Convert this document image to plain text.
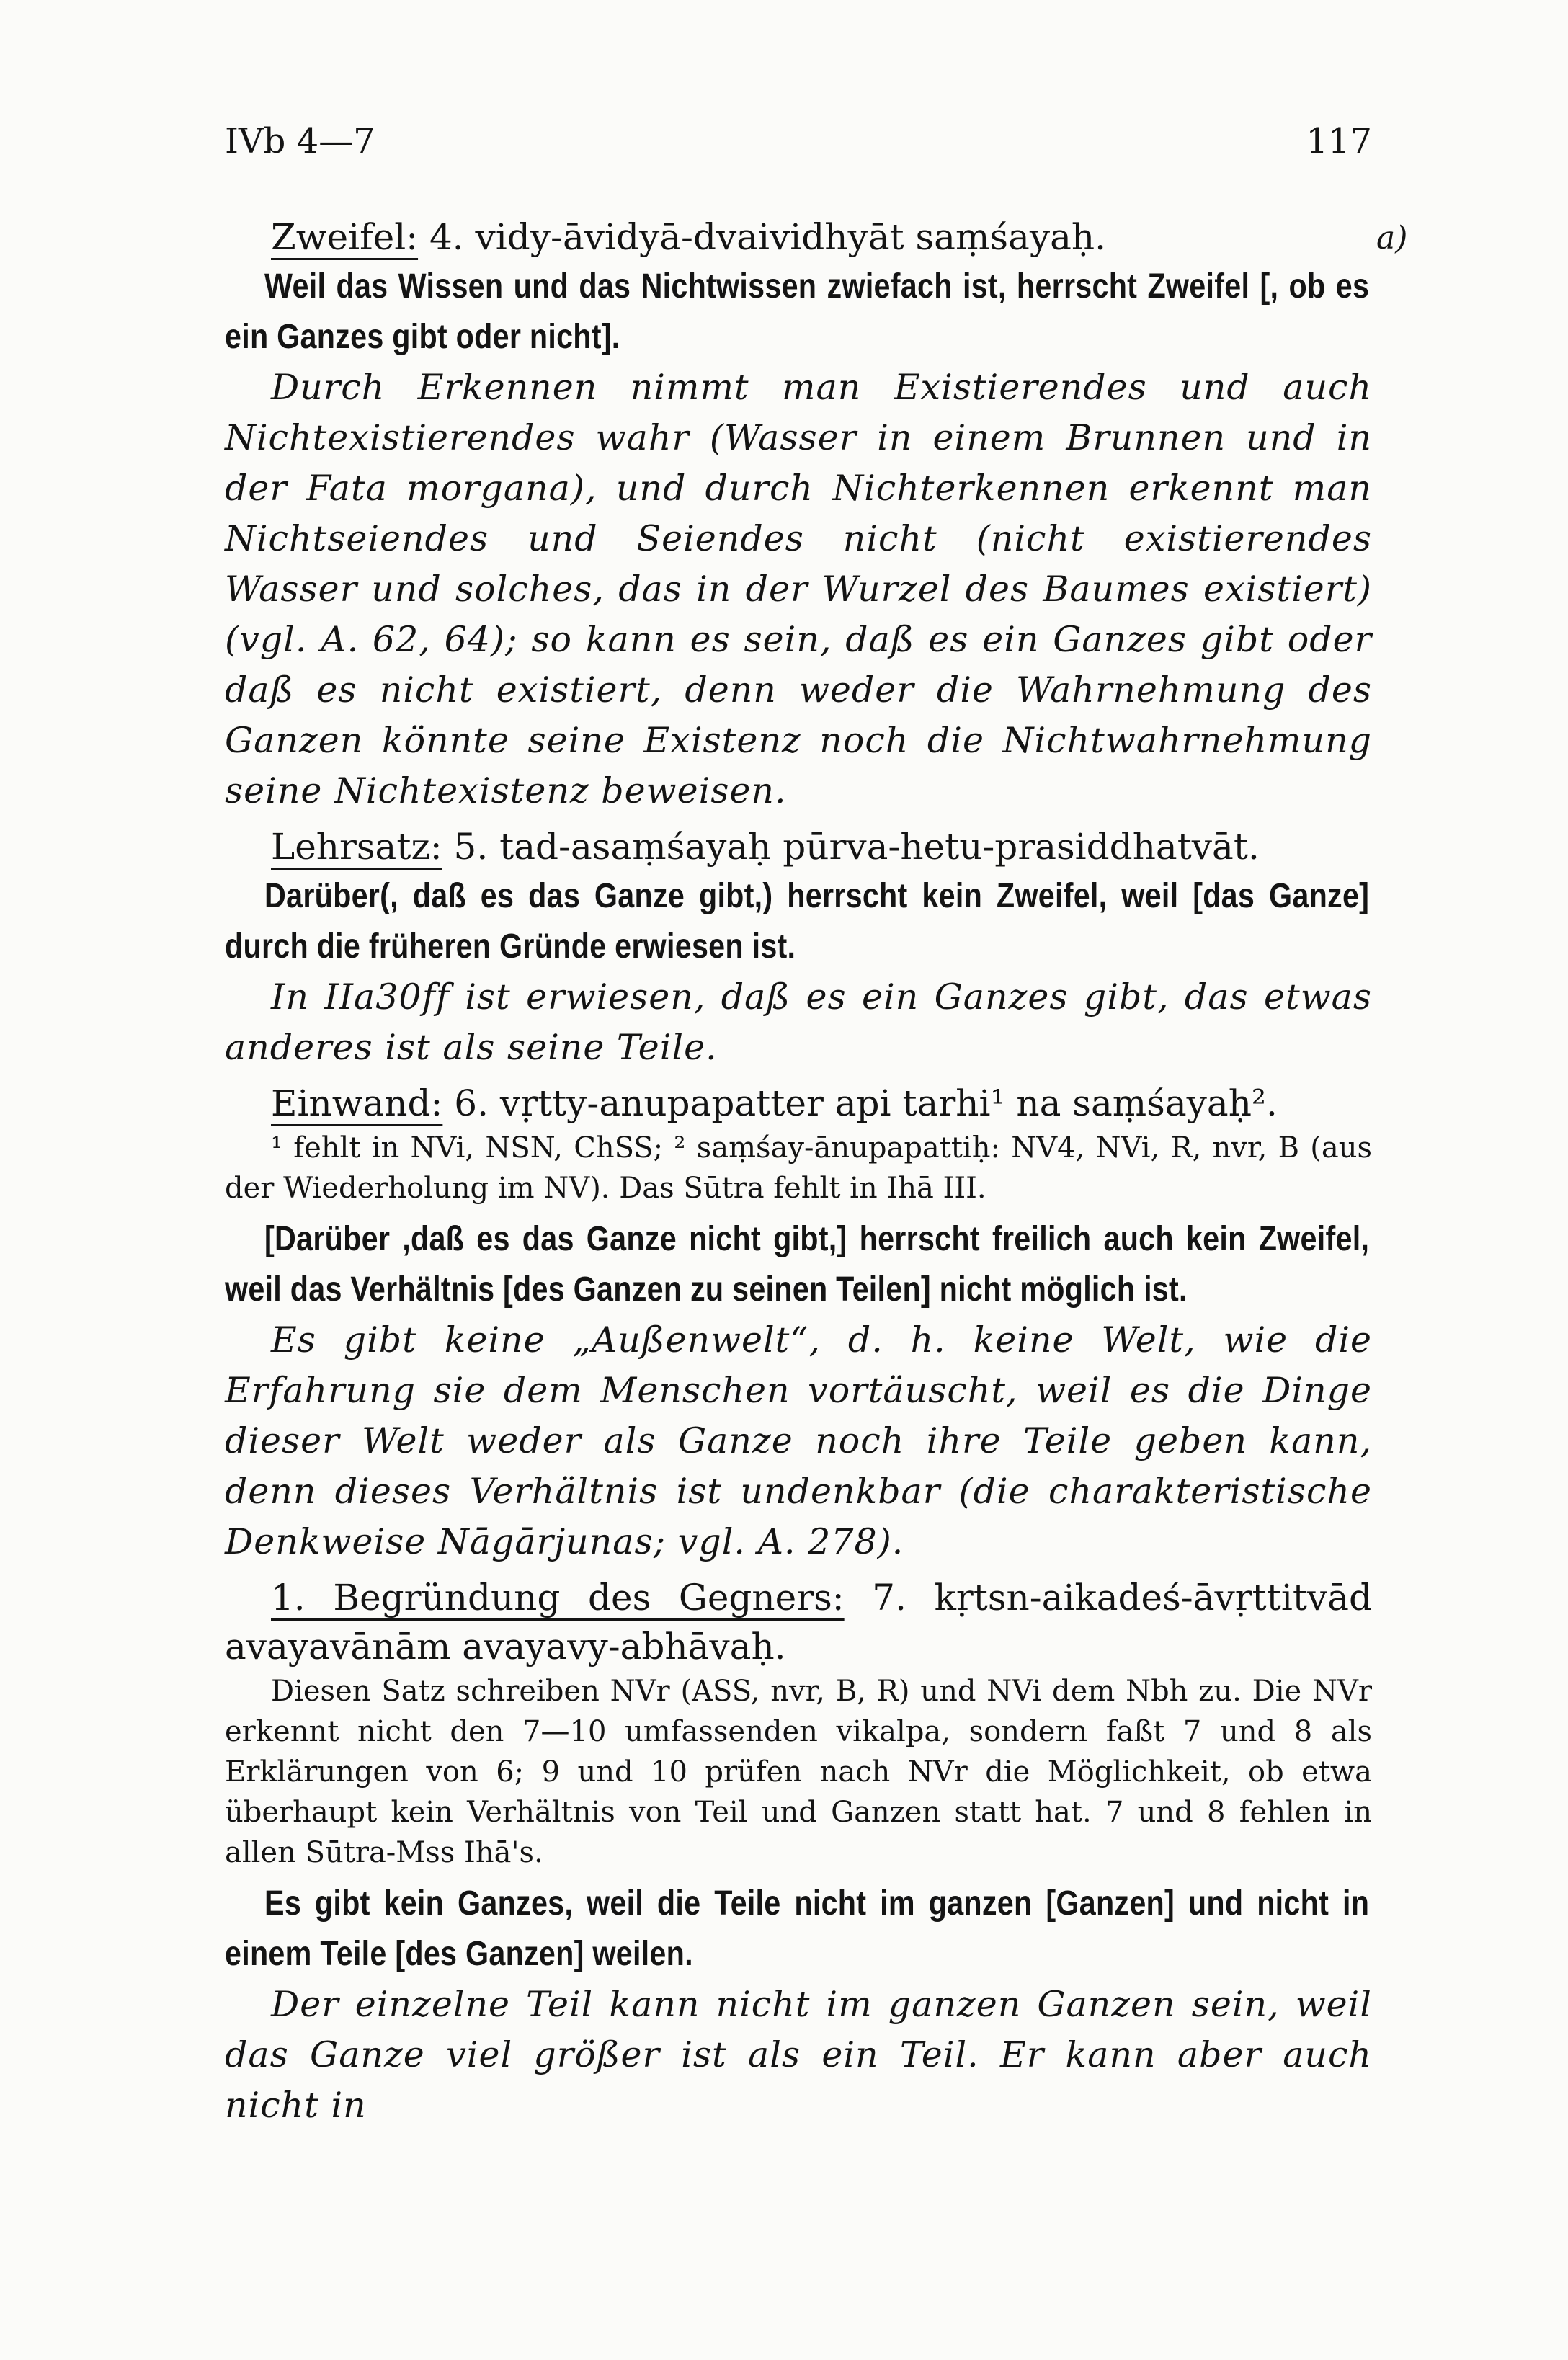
IVb 4—7	117
a)

Zweifel: 4. vidy-āvidyā-dvaividhyāt saṃśayaḥ.

Weil das Wissen und das Nichtwissen zwiefach ist, herrscht Zweifel [, ob es ein Ganzes gibt oder nicht].

Durch Erkennen nimmt man Existierendes und auch Nichtexistierendes wahr (Wasser in einem Brunnen und in der Fata morgana), und durch Nichterkennen erkennt man Nichtseiendes und Seiendes nicht (nicht existierendes Wasser und solches, das in der Wurzel des Baumes existiert) (vgl. A. 62, 64); so kann es sein, daß es ein Ganzes gibt oder daß es nicht existiert, denn weder die Wahrnehmung des Ganzen könnte seine Existenz noch die Nichtwahrnehmung seine Nichtexistenz beweisen.

Lehrsatz: 5. tad-asaṃśayaḥ pūrva-hetu-prasiddhatvāt.

Darüber(, daß es das Ganze gibt,) herrscht kein Zweifel, weil [das Ganze] durch die früheren Gründe erwiesen ist.

In IIa30ff ist erwiesen, daß es ein Ganzes gibt, das etwas anderes ist als seine Teile.

Einwand: 6. vṛtty-anupapatter api tarhi¹ na saṃśayaḥ².

¹ fehlt in NVi, NSN, ChSS; ² saṃśay-ānupapattiḥ: NV4, NVi, R, nvr, B (aus der Wiederholung im NV). Das Sūtra fehlt in Ihā III.

[Darüber ,daß es das Ganze nicht gibt,] herrscht freilich auch kein Zweifel, weil das Verhältnis [des Ganzen zu seinen Teilen] nicht möglich ist.

Es gibt keine „Außenwelt“, d. h. keine Welt, wie die Erfahrung sie dem Menschen vortäuscht, weil es die Dinge dieser Welt weder als Ganze noch ihre Teile geben kann, denn dieses Verhältnis ist undenkbar (die charakteristische Denkweise Nāgārjunas; vgl. A. 278).

1. Begründung des Gegners: 7. kṛtsn-aikadeś-āvṛttitvād avayavānām avayavy-abhāvaḥ.

Diesen Satz schreiben NVr (ASS, nvr, B, R) und NVi dem Nbh zu. Die NVr erkennt nicht den 7—10 umfassenden vikalpa, sondern faßt 7 und 8 als Erklärungen von 6; 9 und 10 prüfen nach NVr die Möglichkeit, ob etwa überhaupt kein Verhältnis von Teil und Ganzen statt hat. 7 und 8 fehlen in allen Sūtra-Mss Ihā's.

Es gibt kein Ganzes, weil die Teile nicht im ganzen [Ganzen] und nicht in einem Teile [des Ganzen] weilen.

Der einzelne Teil kann nicht im ganzen Ganzen sein, weil das Ganze viel größer ist als ein Teil. Er kann aber auch nicht in
